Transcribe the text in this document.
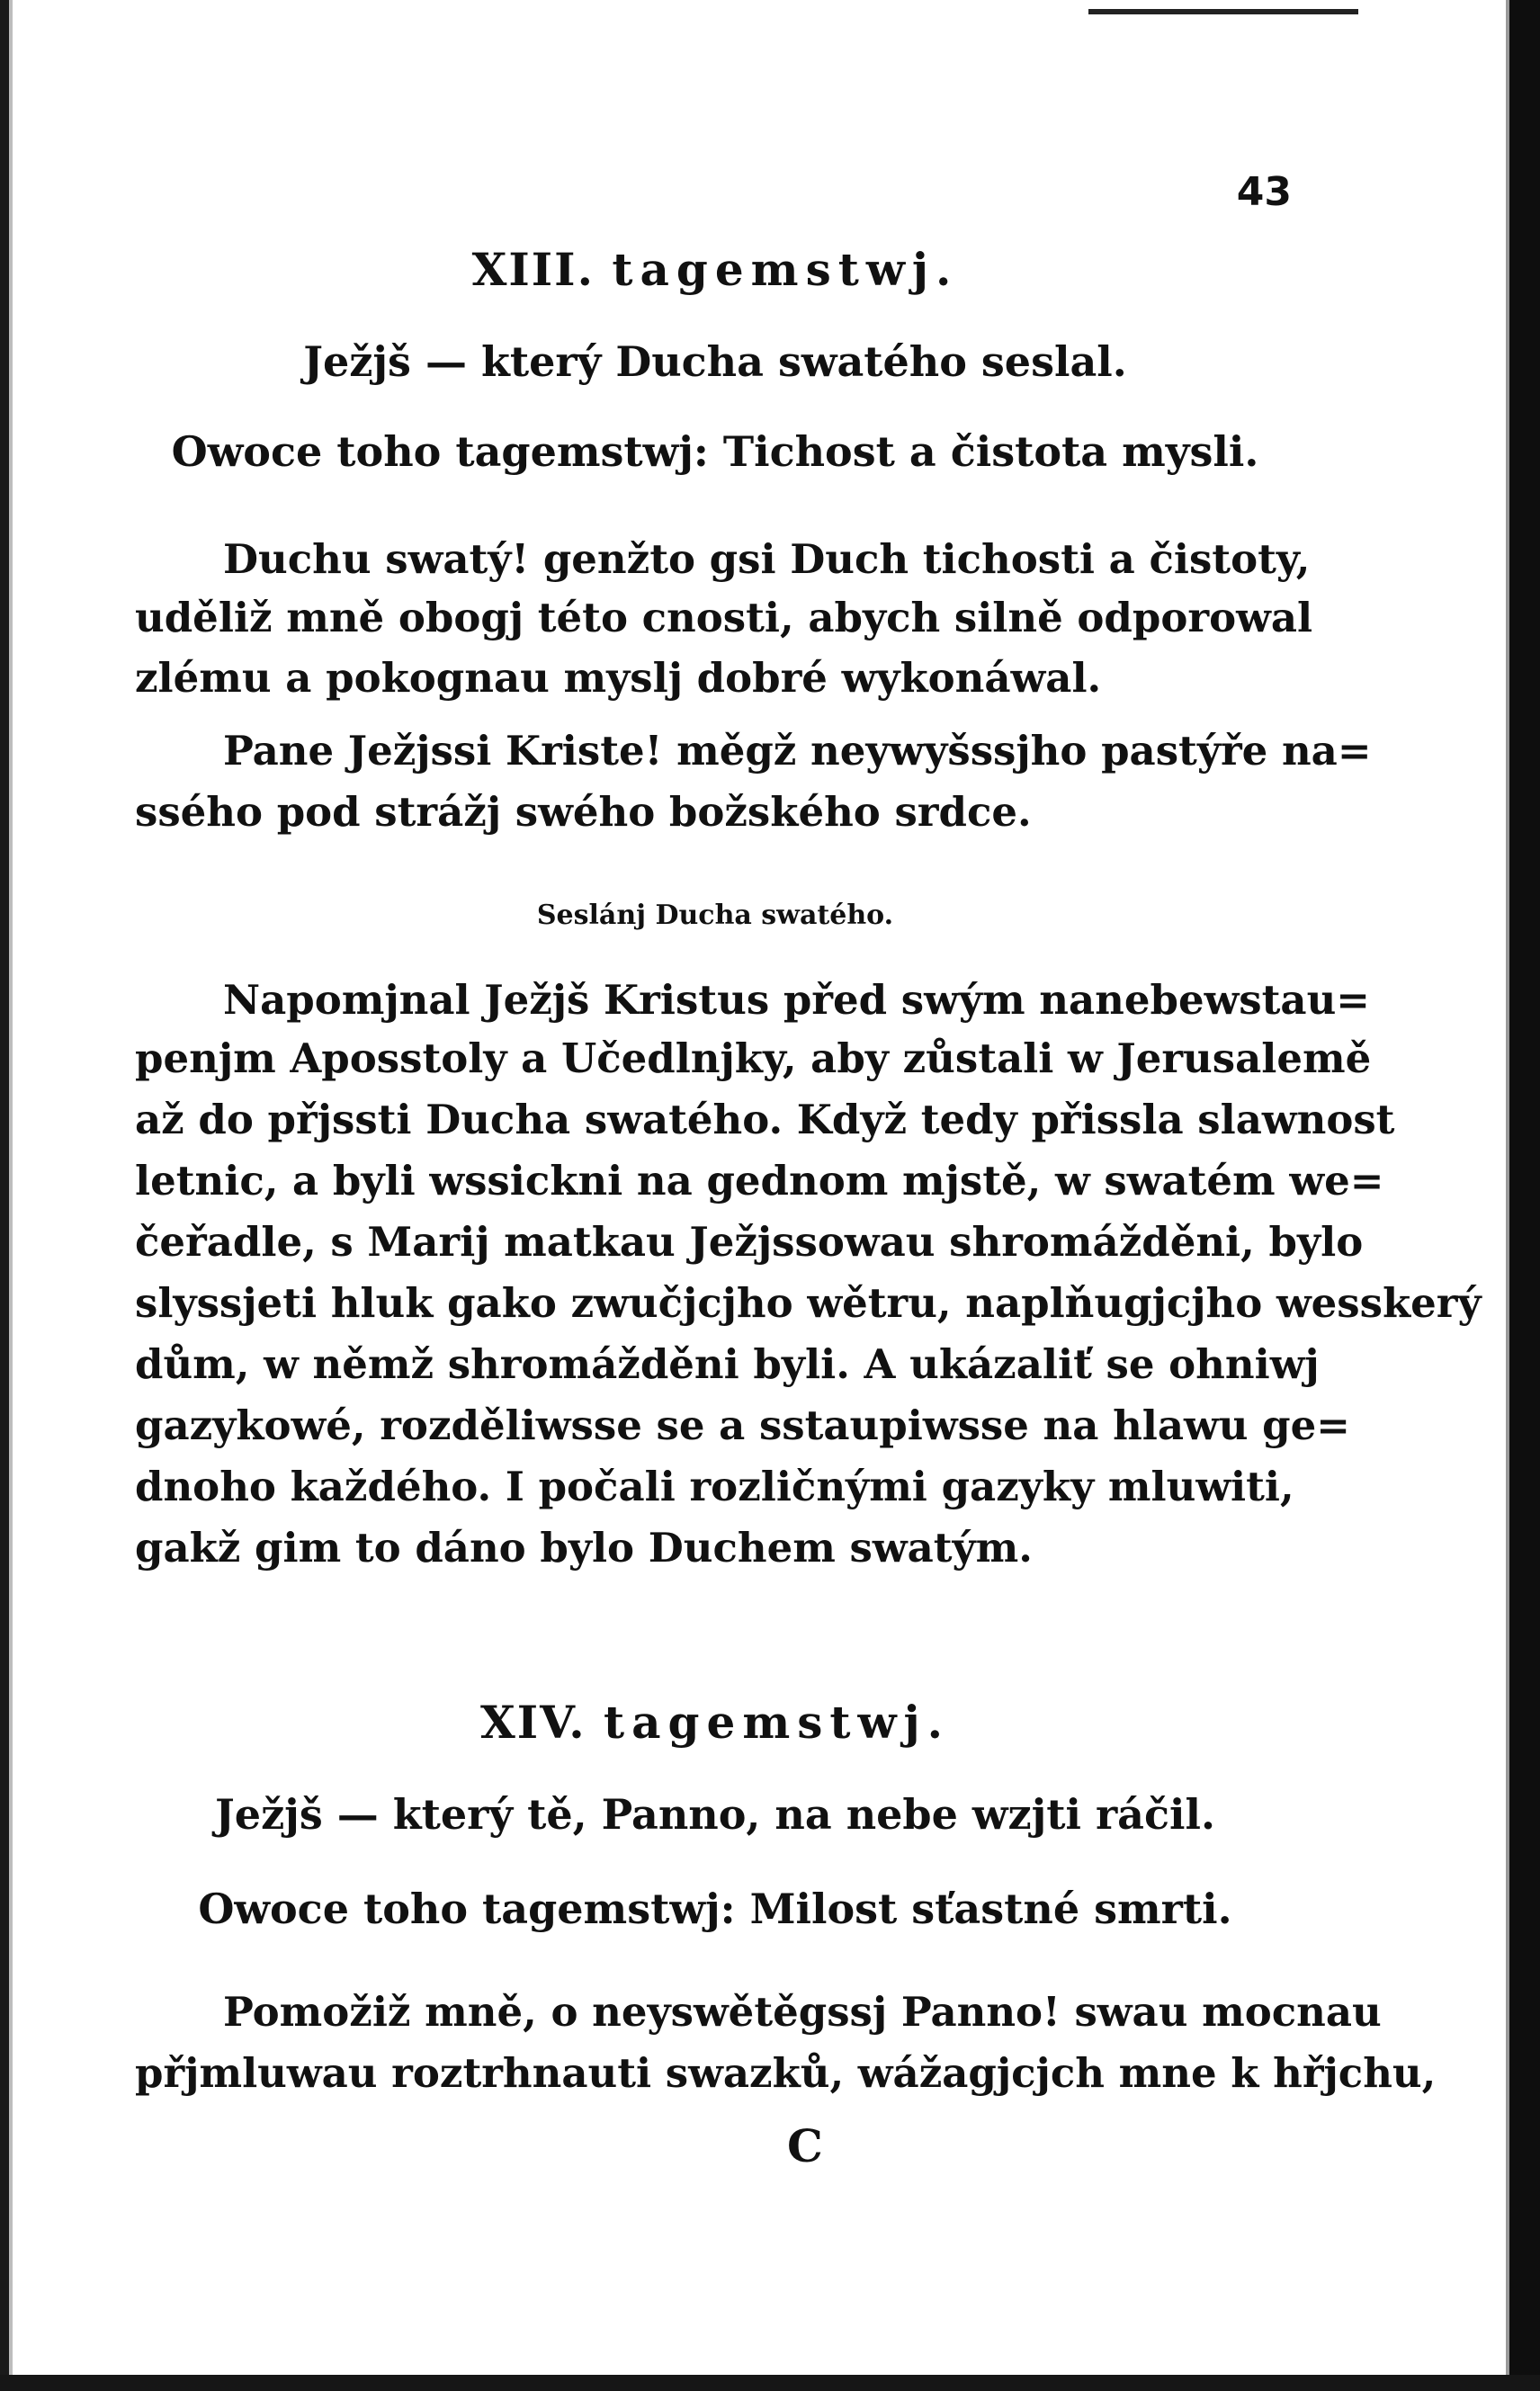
43
XIII. tagemstwj.
Ježjš — který Ducha swatého seslal.
Owoce toho tagemstwj: Tichost a čistota mysli.
Duchu swatý! genžto gsi Duch tichosti a čistoty,
uděliž mně obogj této cnosti, abych silně odporowal
zlému a pokognau myslj dobré wykonáwal.
Pane Ježjssi Kriste! měgž neywyšssjho pastýře na=
ssého pod strážj swého božského srdce.
Seslánj Ducha swatého.
Napomjnal Ježjš Kristus před swým nanebewstau=
penjm Aposstoly a Učedlnjky, aby zůstali w Jerusalemě
až do přjssti Ducha swatého. Když tedy přissla slawnost
letnic, a byli wssickni na gednom mjstě, w swatém we=
čeřadle, s Marij matkau Ježjssowau shromážděni, bylo
slyssjeti hluk gako zwučjcjho wětru, naplňugjcjho wesskerý
dům, w němž shromážděni byli. A ukázaliť se ohniwj
gazykowé, rozděliwsse se a sstaupiwsse na hlawu ge=
dnoho každého. I počali rozličnými gazyky mluwiti,
gakž gim to dáno bylo Duchem swatým.
XIV. tagemstwj.
Ježjš — který tě, Panno, na nebe wzjti ráčil.
Owoce toho tagemstwj: Milost sťastné smrti.
Pomožiž mně, o neyswětěgssj Panno! swau mocnau
přjmluwau roztrhnauti swazků, wážagjcjch mne k hřjchu,
C
